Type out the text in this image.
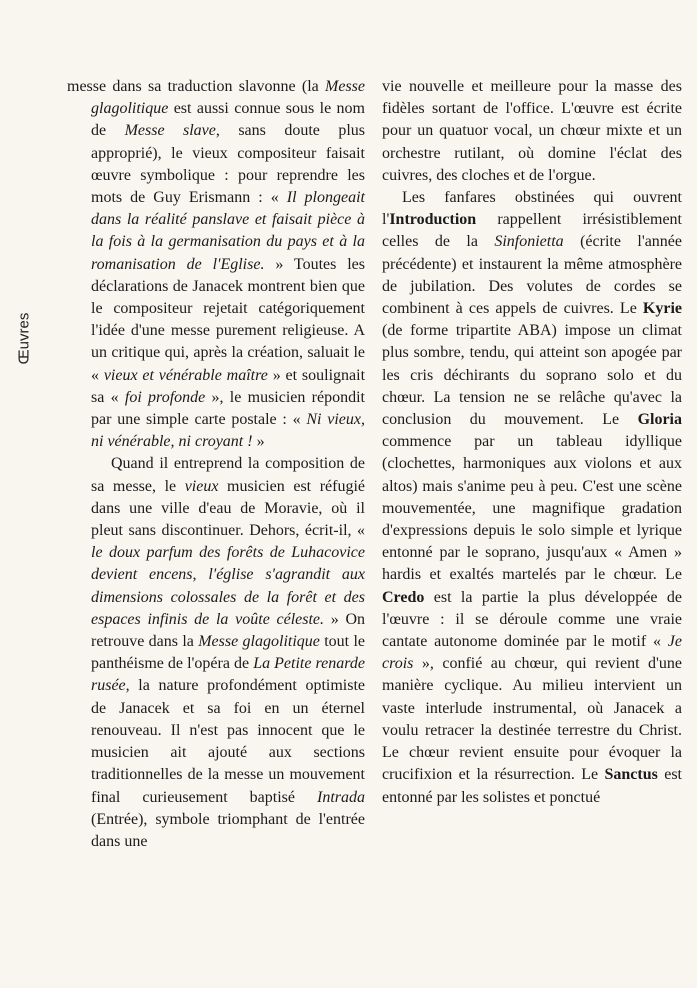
Œuvres

messe dans sa traduction slavonne (la Messe glagolitique est aussi connue sous le nom de Messe slave, sans doute plus approprié), le vieux compositeur faisait œuvre symbolique : pour reprendre les mots de Guy Erismann : « Il plongeait dans la réalité panslave et faisait pièce à la fois à la germanisation du pays et à la romanisation de l'Eglise. » Toutes les déclarations de Janacek montrent bien que le compositeur rejetait catégoriquement l'idée d'une messe purement religieuse. A un critique qui, après la création, saluait le « vieux et vénérable maître » et soulignait sa « foi profonde », le musicien répondit par une simple carte postale : « Ni vieux, ni vénérable, ni croyant ! »

Quand il entreprend la composition de sa messe, le vieux musicien est réfugié dans une ville d'eau de Moravie, où il pleut sans discontinuer. Dehors, écrit-il, « le doux parfum des forêts de Luhacovice devient encens, l'église s'agrandit aux dimensions colossales de la forêt et des espaces infinis de la voûte céleste. » On retrouve dans la Messe glagolitique tout le panthéisme de l'opéra de La Petite renarde rusée, la nature profondément optimiste de Janacek et sa foi en un éternel renouveau. Il n'est pas innocent que le musicien ait ajouté aux sections traditionnelles de la messe un mouvement final curieusement baptisé Intrada (Entrée), symbole triomphant de l'entrée dans une

vie nouvelle et meilleure pour la masse des fidèles sortant de l'office. L'œuvre est écrite pour un quatuor vocal, un chœur mixte et un orchestre rutilant, où domine l'éclat des cuivres, des cloches et de l'orgue.

Les fanfares obstinées qui ouvrent l'Introduction rappellent irrésistiblement celles de la Sinfonietta (écrite l'année précédente) et instaurent la même atmosphère de jubilation. Des volutes de cordes se combinent à ces appels de cuivres. Le Kyrie (de forme tripartite ABA) impose un climat plus sombre, tendu, qui atteint son apogée par les cris déchirants du soprano solo et du chœur. La tension ne se relâche qu'avec la conclusion du mouvement. Le Gloria commence par un tableau idyllique (clochettes, harmoniques aux violons et aux altos) mais s'anime peu à peu. C'est une scène mouvementée, une magnifique gradation d'expressions depuis le solo simple et lyrique entonné par le soprano, jusqu'aux « Amen » hardis et exaltés martelés par le chœur. Le Credo est la partie la plus développée de l'œuvre : il se déroule comme une vraie cantate autonome dominée par le motif « Je crois », confié au chœur, qui revient d'une manière cyclique. Au milieu intervient un vaste interlude instrumental, où Janacek a voulu retracer la destinée terrestre du Christ. Le chœur revient ensuite pour évoquer la crucifixion et la résurrection. Le Sanctus est entonné par les solistes et ponctué
